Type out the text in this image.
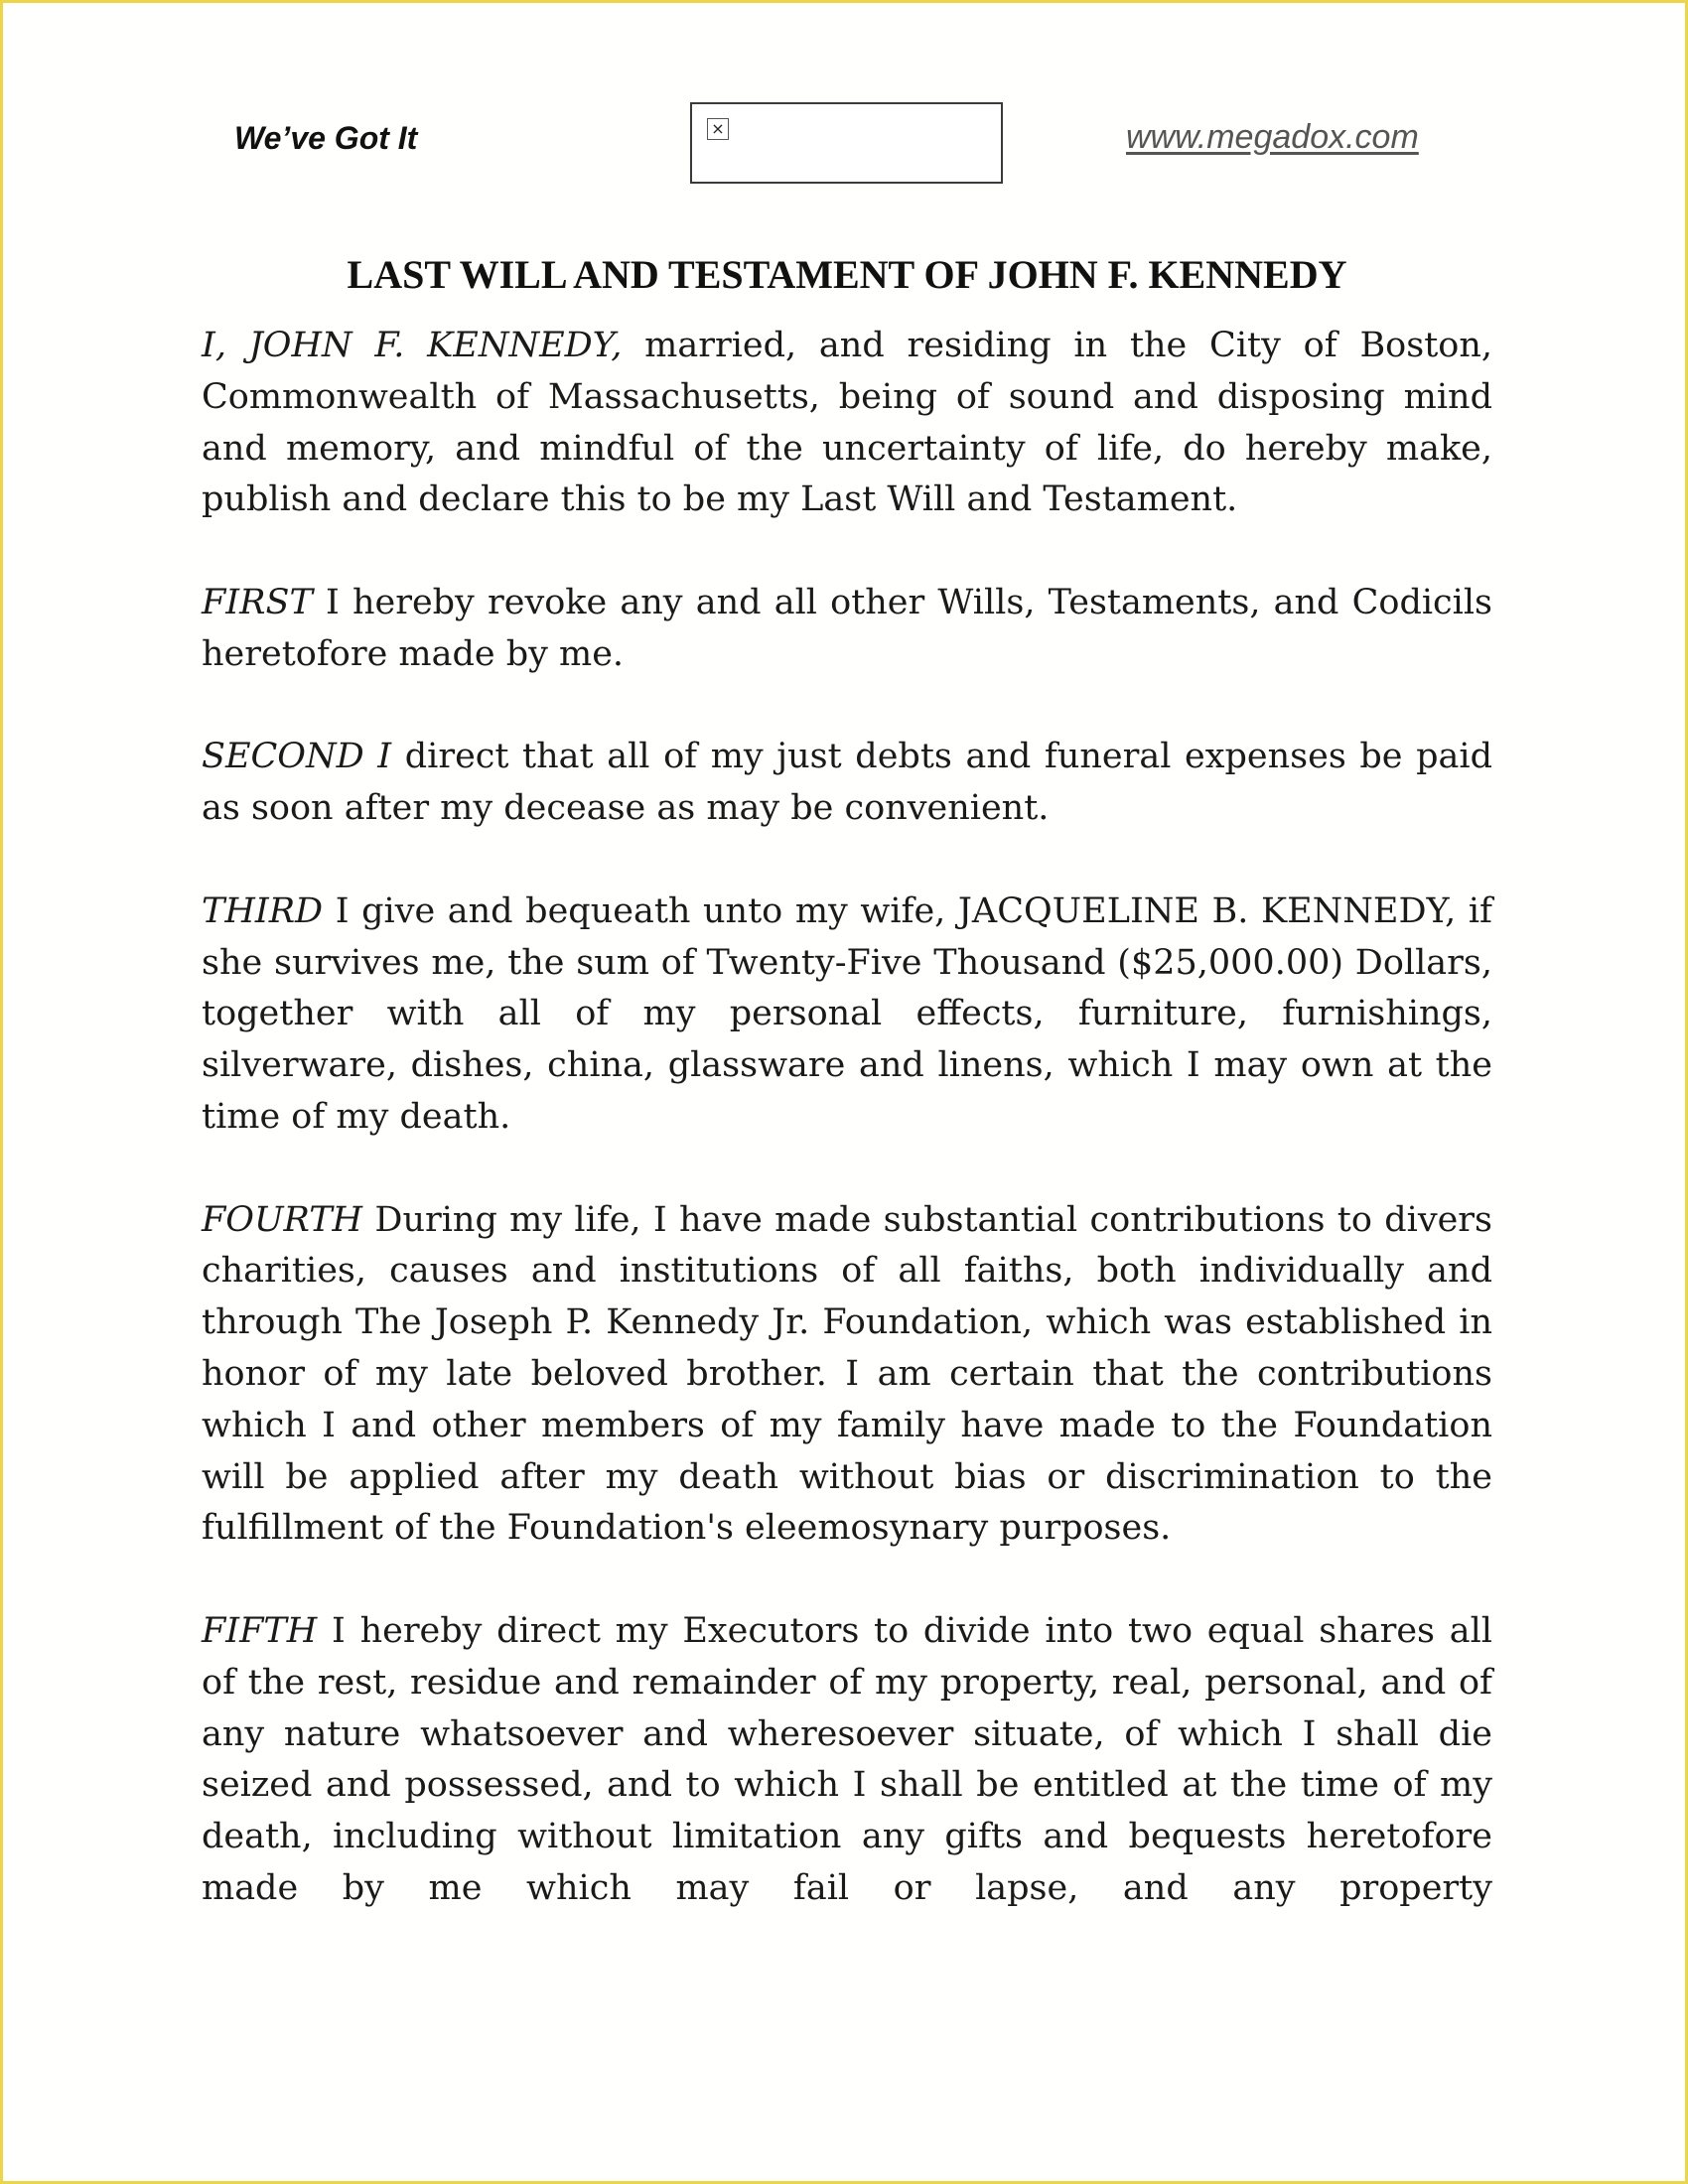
We’ve Got It	×	www.megadox.com
LAST WILL AND TESTAMENT OF JOHN F. KENNEDY

I, JOHN F. KENNEDY, married, and residing in the City of Boston, Commonwealth of Massachusetts, being of sound and disposing mind and memory, and mindful of the uncertainty of life, do hereby make, publish and declare this to be my Last Will and Testament.

FIRST I hereby revoke any and all other Wills, Testaments, and Codicils heretofore made by me.

SECOND I direct that all of my just debts and funeral expenses be paid as soon after my decease as may be convenient.

THIRD I give and bequeath unto my wife, JACQUELINE B. KENNEDY, if she survives me, the sum of Twenty-Five Thousand ($25,000.00) Dollars, together with all of my personal effects, furniture, furnishings, silverware, dishes, china, glassware and linens, which I may own at the time of my death.

FOURTH During my life, I have made substantial contributions to divers charities, causes and institutions of all faiths, both individually and through The Joseph P. Kennedy Jr. Foundation, which was established in honor of my late beloved brother. I am certain that the contributions which I and other members of my family have made to the Foundation will be applied after my death without bias or discrimination to the fulfillment of the Foundation's eleemosynary purposes.

FIFTH I hereby direct my Executors to divide into two equal shares all of the rest, residue and remainder of my property, real, personal, and of any nature whatsoever and wheresoever situate, of which I shall die seized and possessed, and to which I shall be entitled at the time of my death, including without limitation any gifts and bequests heretofore made by me which may fail or lapse, and any property
